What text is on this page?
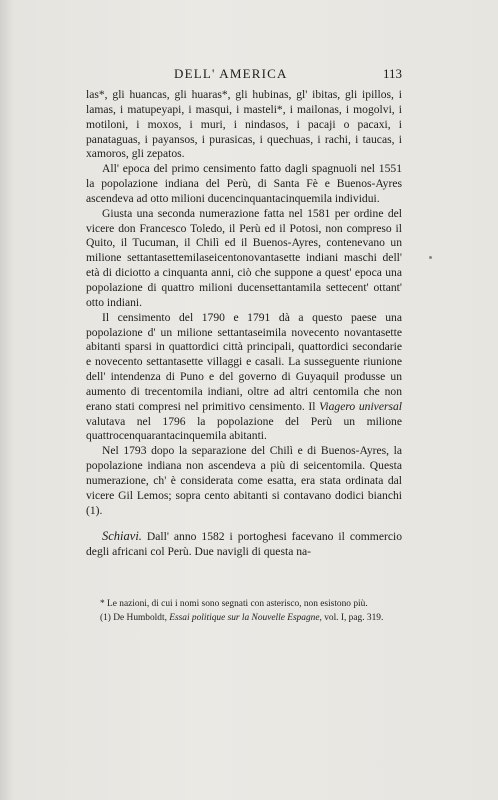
DELL' AMERICA	113

las*, gli huancas, gli huaras*, gli hubinas, gl' ibitas, gli ipillos, i lamas, i matupeyapi, i masqui, i masteli*, i mailonas, i mogolvi, i motiloni, i moxos, i muri, i nindasos, i pacaji o pacaxi, i panataguas, i payansos, i purasicas, i quechuas, i rachi, i taucas, i xamoros, gli zepatos.

All' epoca del primo censimento fatto dagli spagnuoli nel 1551 la popolazione indiana del Perù, di Santa Fè e Buenos-Ayres ascendeva ad otto milioni ducencinquantacinquemila individui.

Giusta una seconda numerazione fatta nel 1581 per ordine del vicere don Francesco Toledo, il Perù ed il Potosi, non compreso il Quito, il Tucuman, il Chilì ed il Buenos-Ayres, contenevano un milione settantasettemilaseicentonovantasette indiani maschi dell' età di diciotto a cinquanta anni, ciò che suppone a quest' epoca una popolazione di quattro milioni ducensettantamila settecent' ottant' otto indiani.

Il censimento del 1790 e 1791 dà a questo paese una popolazione d' un milione settantaseimila novecento novantasette abitanti sparsi in quattordici città principali, quattordici secondarie e novecento settantasette villaggi e casali. La susseguente riunione dell' intendenza di Puno e del governo di Guyaquil produsse un aumento di trecentomila indiani, oltre ad altri centomila che non erano stati compresi nel primitivo censimento. Il Viagero universal valutava nel 1796 la popolazione del Perù un milione quattrocenquarantacinquemila abitanti.

Nel 1793 dopo la separazione del Chilì e di Buenos-Ayres, la popolazione indiana non ascendeva a più di seicentomila. Questa numerazione, ch' è considerata come esatta, era stata ordinata dal vicere Gil Lemos; sopra cento abitanti si contavano dodici bianchi (1).

Schiavi. Dall' anno 1582 i portoghesi facevano il commercio degli africani col Perù. Due navigli di questa na-

* Le nazioni, di cui i nomi sono segnati con asterisco, non esistono più.

(1) De Humboldt, Essai politique sur la Nouvelle Espagne, vol. I, pag. 319.
